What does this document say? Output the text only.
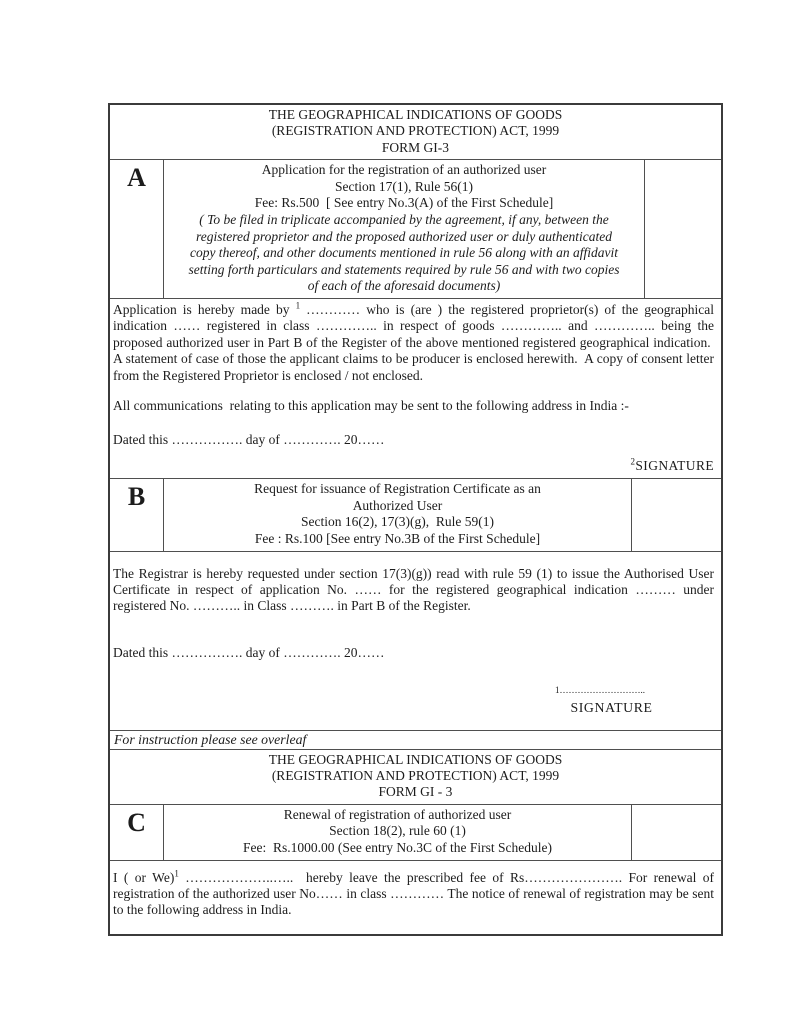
THE GEOGRAPHICAL INDICATIONS OF GOODS
(REGISTRATION AND PROTECTION) ACT, 1999
FORM GI-3
A	Application for the registration of an authorized user
Section 17(1), Rule 56(1)
Fee: Rs.500  [ See entry No.3(A) of the First Schedule]
( To be filed in triplicate accompanied by the agreement, if any, between the registered proprietor and the proposed authorized user or duly authenticated copy thereof, and other documents mentioned in rule 56 along with an affidavit setting forth particulars and statements required by rule 56 and with two copies of each of the aforesaid documents)

Application is hereby made by $^1$ ………… who is (are ) the registered proprietor(s) of the geographical indication …… registered in class ………….. in respect of goods ………….. and ………….. being the proposed authorized user in Part B of the Register of the above mentioned registered geographical indication.  A statement of case of those the applicant claims to be producer is enclosed herewith.  A copy of consent letter from the Registered Proprietor is enclosed / not enclosed.

All communications  relating to this application may be sent to the following address in India :-

Dated this ……………. day of …………. 20……

$^2$SIGNATURE

B	Request for issuance of Registration Certificate as an
Authorized User
Section 16(2), 17(3)(g),  Rule 59(1)
Fee : Rs.100 [See entry No.3B of the First Schedule]

The Registrar is hereby requested under section 17(3)(g)) read with rule 59 (1) to issue the Authorised User Certificate in respect of application No. …… for the registered geographical indication ……… under registered No. ……….. in Class ………. in Part B of the Register.

Dated this ……………. day of …………. 20……

1………………………..
SIGNATURE
For instruction please see overleaf
THE GEOGRAPHICAL INDICATIONS OF GOODS
(REGISTRATION AND PROTECTION) ACT, 1999
FORM GI - 3
C	Renewal of registration of authorized user
Section 18(2), rule 60 (1)
Fee:  Rs.1000.00 (See entry No.3C of the First Schedule)

I ( or We)$^1$ ………………..…..  hereby leave the prescribed fee of Rs…………………. For renewal of registration of the authorized user No…… in class ………… The notice of renewal of registration may be sent to the following address in India.
